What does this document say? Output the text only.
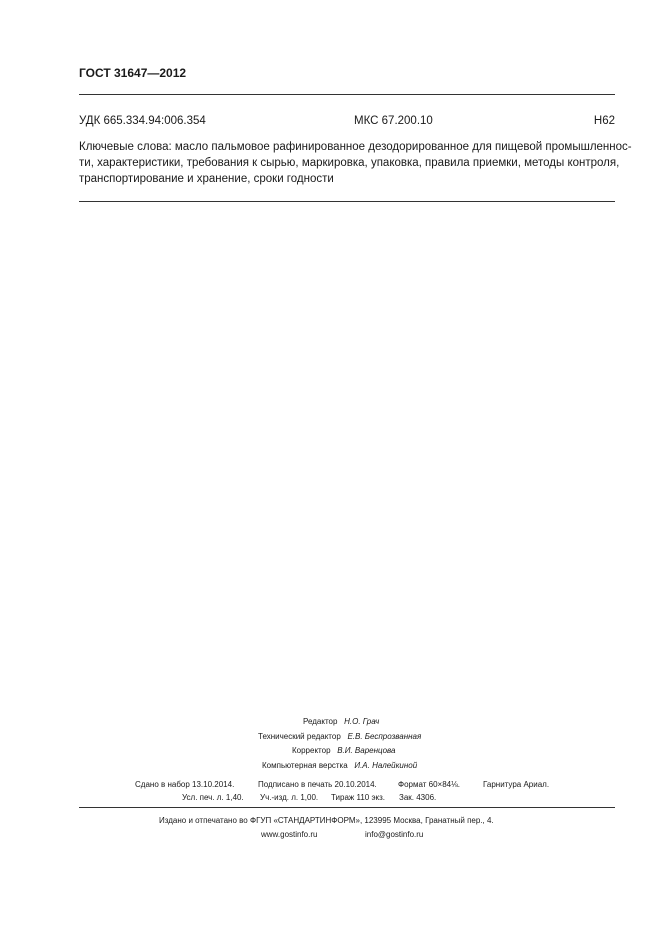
ГОСТ 31647—2012
УДК 665.334.94:006.354	МКС 67.200.10	Н62
Ключевые слова: масло пальмовое рафинированное дезодорированное для пищевой промышленнос-
ти, характеристики, требования к сырью, маркировка, упаковка, правила приемки, методы контроля,
транспортирование и хранение, сроки годности
Редактор   Н.О. Грач
Технический редактор   Е.В. Беспрозванная
Корректор   В.И. Варенцова
Компьютерная верстка   И.А. Налейкиной
Сдано в набор 13.10.2014.	Подписано в печать 20.10.2014.	Формат 60×84⅛.	Гарнитура Ариал.
Усл. печ. л. 1,40. Уч.-изд. л. 1,00. Тираж 110 экз. Зак. 4306.
Издано и отпечатано во ФГУП «СТАНДАРТИНФОРМ», 123995 Москва, Гранатный пер., 4.
www.gostinfo.ru	info@gostinfo.ru
